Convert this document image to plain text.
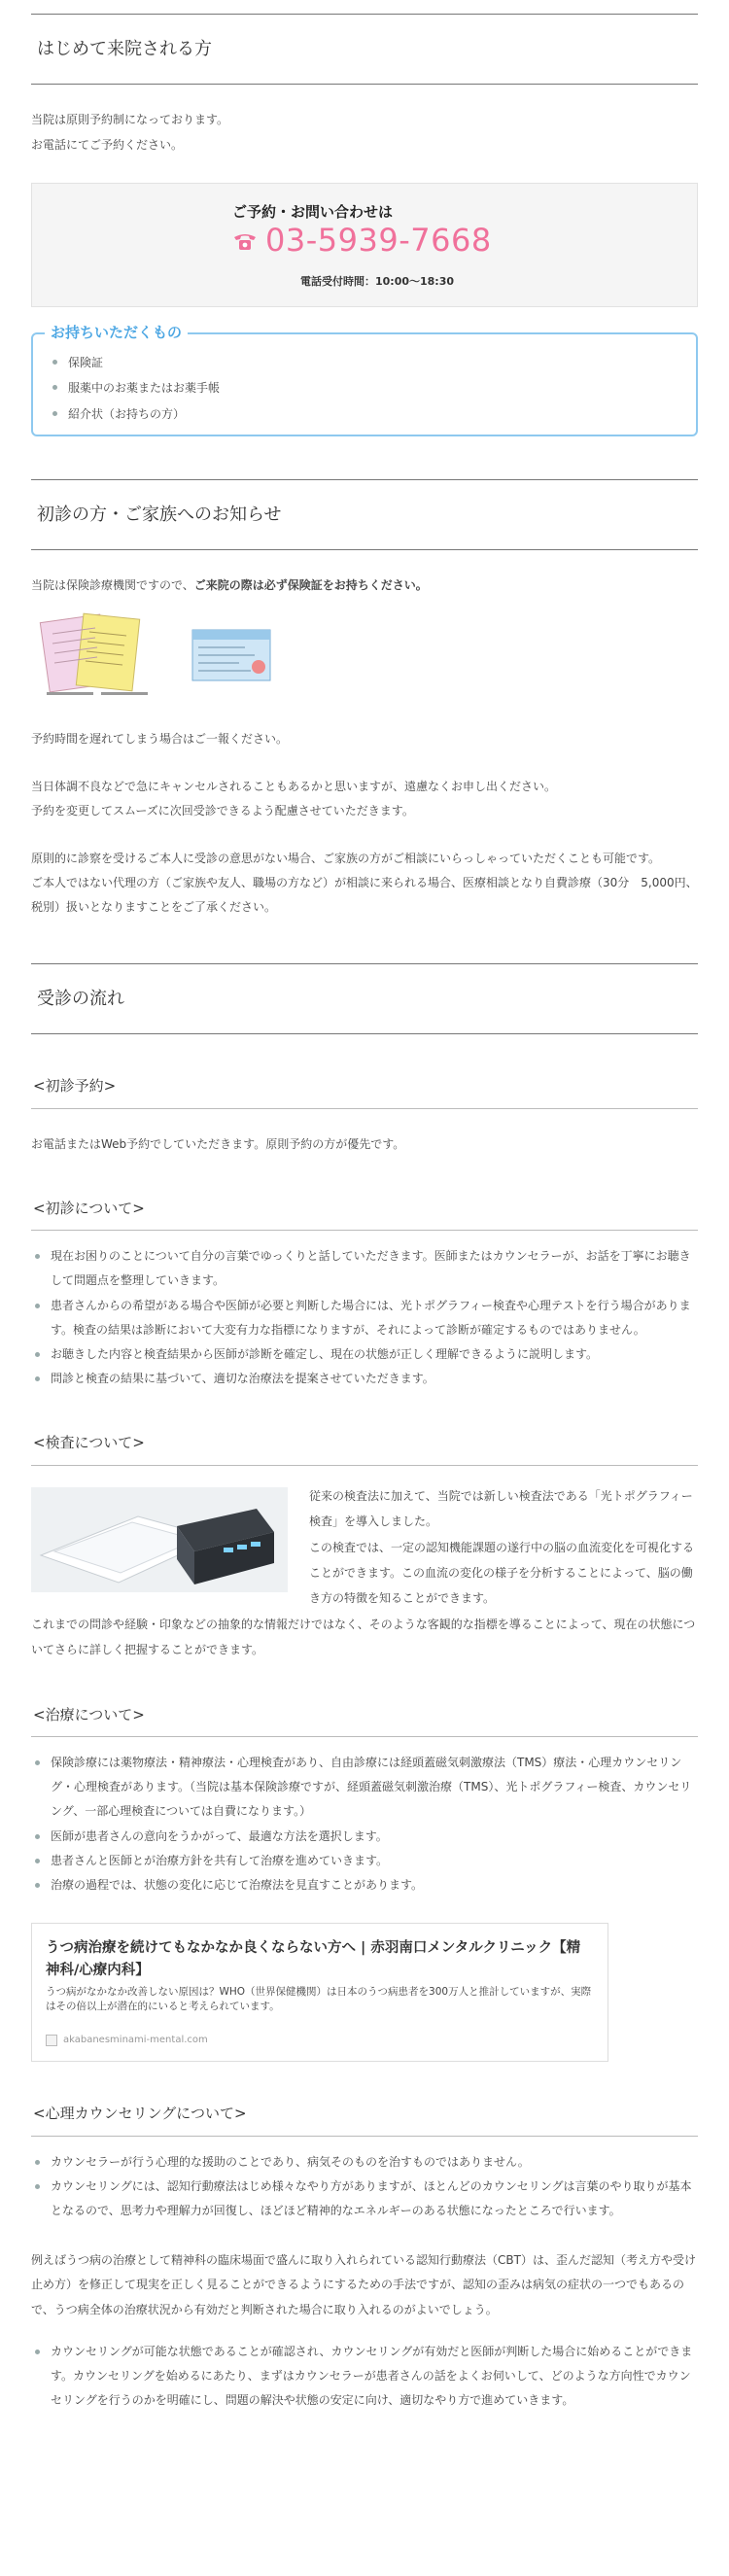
はじめて来院される方

当院は原則予約制になっております。

お電話にてご予約ください。

ご予約・お問い合わせは
03-5939-7668
電話受付時間：10:00〜18:30
お持ちいただくもの
保険証
服薬中のお薬またはお薬手帳
紹介状（お持ちの方）
初診の方・ご家族へのお知らせ

当院は保険診療機関ですので、ご来院の際は必ず保険証をお持ちください。

予約時間を遅れてしまう場合はご一報ください。

当日体調不良などで急にキャンセルされることもあるかと思いますが、遠慮なくお申し出ください。

予約を変更してスムーズに次回受診できるよう配慮させていただきます。

原則的に診察を受けるご本人に受診の意思がない場合、ご家族の方がご相談にいらっしゃっていただくことも可能です。

ご本人ではない代理の方（ご家族や友人、職場の方など）が相談に来られる場合、医療相談となり自費診療（30分　5,000円、税別）扱いとなりますことをご了承ください。

受診の流れ
<初診予約>

お電話またはWeb予約でしていただきます。原則予約の方が優先です。

<初診について>
現在お困りのことについて自分の言葉でゆっくりと話していただきます。医師またはカウンセラーが、お話を丁寧にお聴きして問題点を整理していきます。
患者さんからの希望がある場合や医師が必要と判断した場合には、光トポグラフィー検査や心理テストを行う場合があります。検査の結果は診断において大変有力な指標になりますが、それによって診断が確定するものではありません。
お聴きした内容と検査結果から医師が診断を確定し、現在の状態が正しく理解できるように説明します。
問診と検査の結果に基づいて、適切な治療法を提案させていただきます。
<検査について>

従来の検査法に加えて、当院では新しい検査法である「光トポグラフィー検査」を導入しました。

この検査では、一定の認知機能課題の遂行中の脳の血流変化を可視化することができます。この血流の変化の様子を分析することによって、脳の働き方の特徴を知ることができます。

これまでの問診や経験・印象などの抽象的な情報だけではなく、そのような客観的な指標を導ることによって、現在の状態についてさらに詳しく把握することができます。

<治療について>
保険診療には薬物療法・精神療法・心理検査があり、自由診療には経頭蓋磁気刺激療法（TMS）療法・心理カウンセリング・心理検査があります。（当院は基本保険診療ですが、経頭蓋磁気刺激治療（TMS）、光トポグラフィー検査、カウンセリング、一部心理検査については自費になります。）
医師が患者さんの意向をうかがって、最適な方法を選択します。
患者さんと医師とが治療方針を共有して治療を進めていきます。
治療の過程では、状態の変化に応じて治療法を見直すことがあります。
うつ病治療を続けてもなかなか良くならない方へ | 赤羽南口メンタルクリニック【精神科/心療内科】
うつ病がなかなか改善しない原因は？WHO（世界保健機関）は日本のうつ病患者を300万人と推計していますが、実際はその倍以上が潜在的にいると考えられています。
akabanesminami-mental.com
<心理カウンセリングについて>
カウンセラーが行う心理的な援助のことであり、病気そのものを治すものではありません。
カウンセリングには、認知行動療法はじめ様々なやり方がありますが、ほとんどのカウンセリングは言葉のやり取りが基本となるので、思考力や理解力が回復し、ほどほど精神的なエネルギーのある状態になったところで行います。

例えばうつ病の治療として精神科の臨床場面で盛んに取り入れられている認知行動療法（CBT）は、歪んだ認知（考え方や受け止め方）を修正して現実を正しく見ることができるようにするための手法ですが、認知の歪みは病気の症状の一つでもあるので、うつ病全体の治療状況から有効だと判断された場合に取り入れるのがよいでしょう。

カウンセリングが可能な状態であることが確認され、カウンセリングが有効だと医師が判断した場合に始めることができます。カウンセリングを始めるにあたり、まずはカウンセラーが患者さんの話をよくお伺いして、どのような方向性でカウンセリングを行うのかを明確にし、問題の解決や状態の安定に向け、適切なやり方で進めていきます。
